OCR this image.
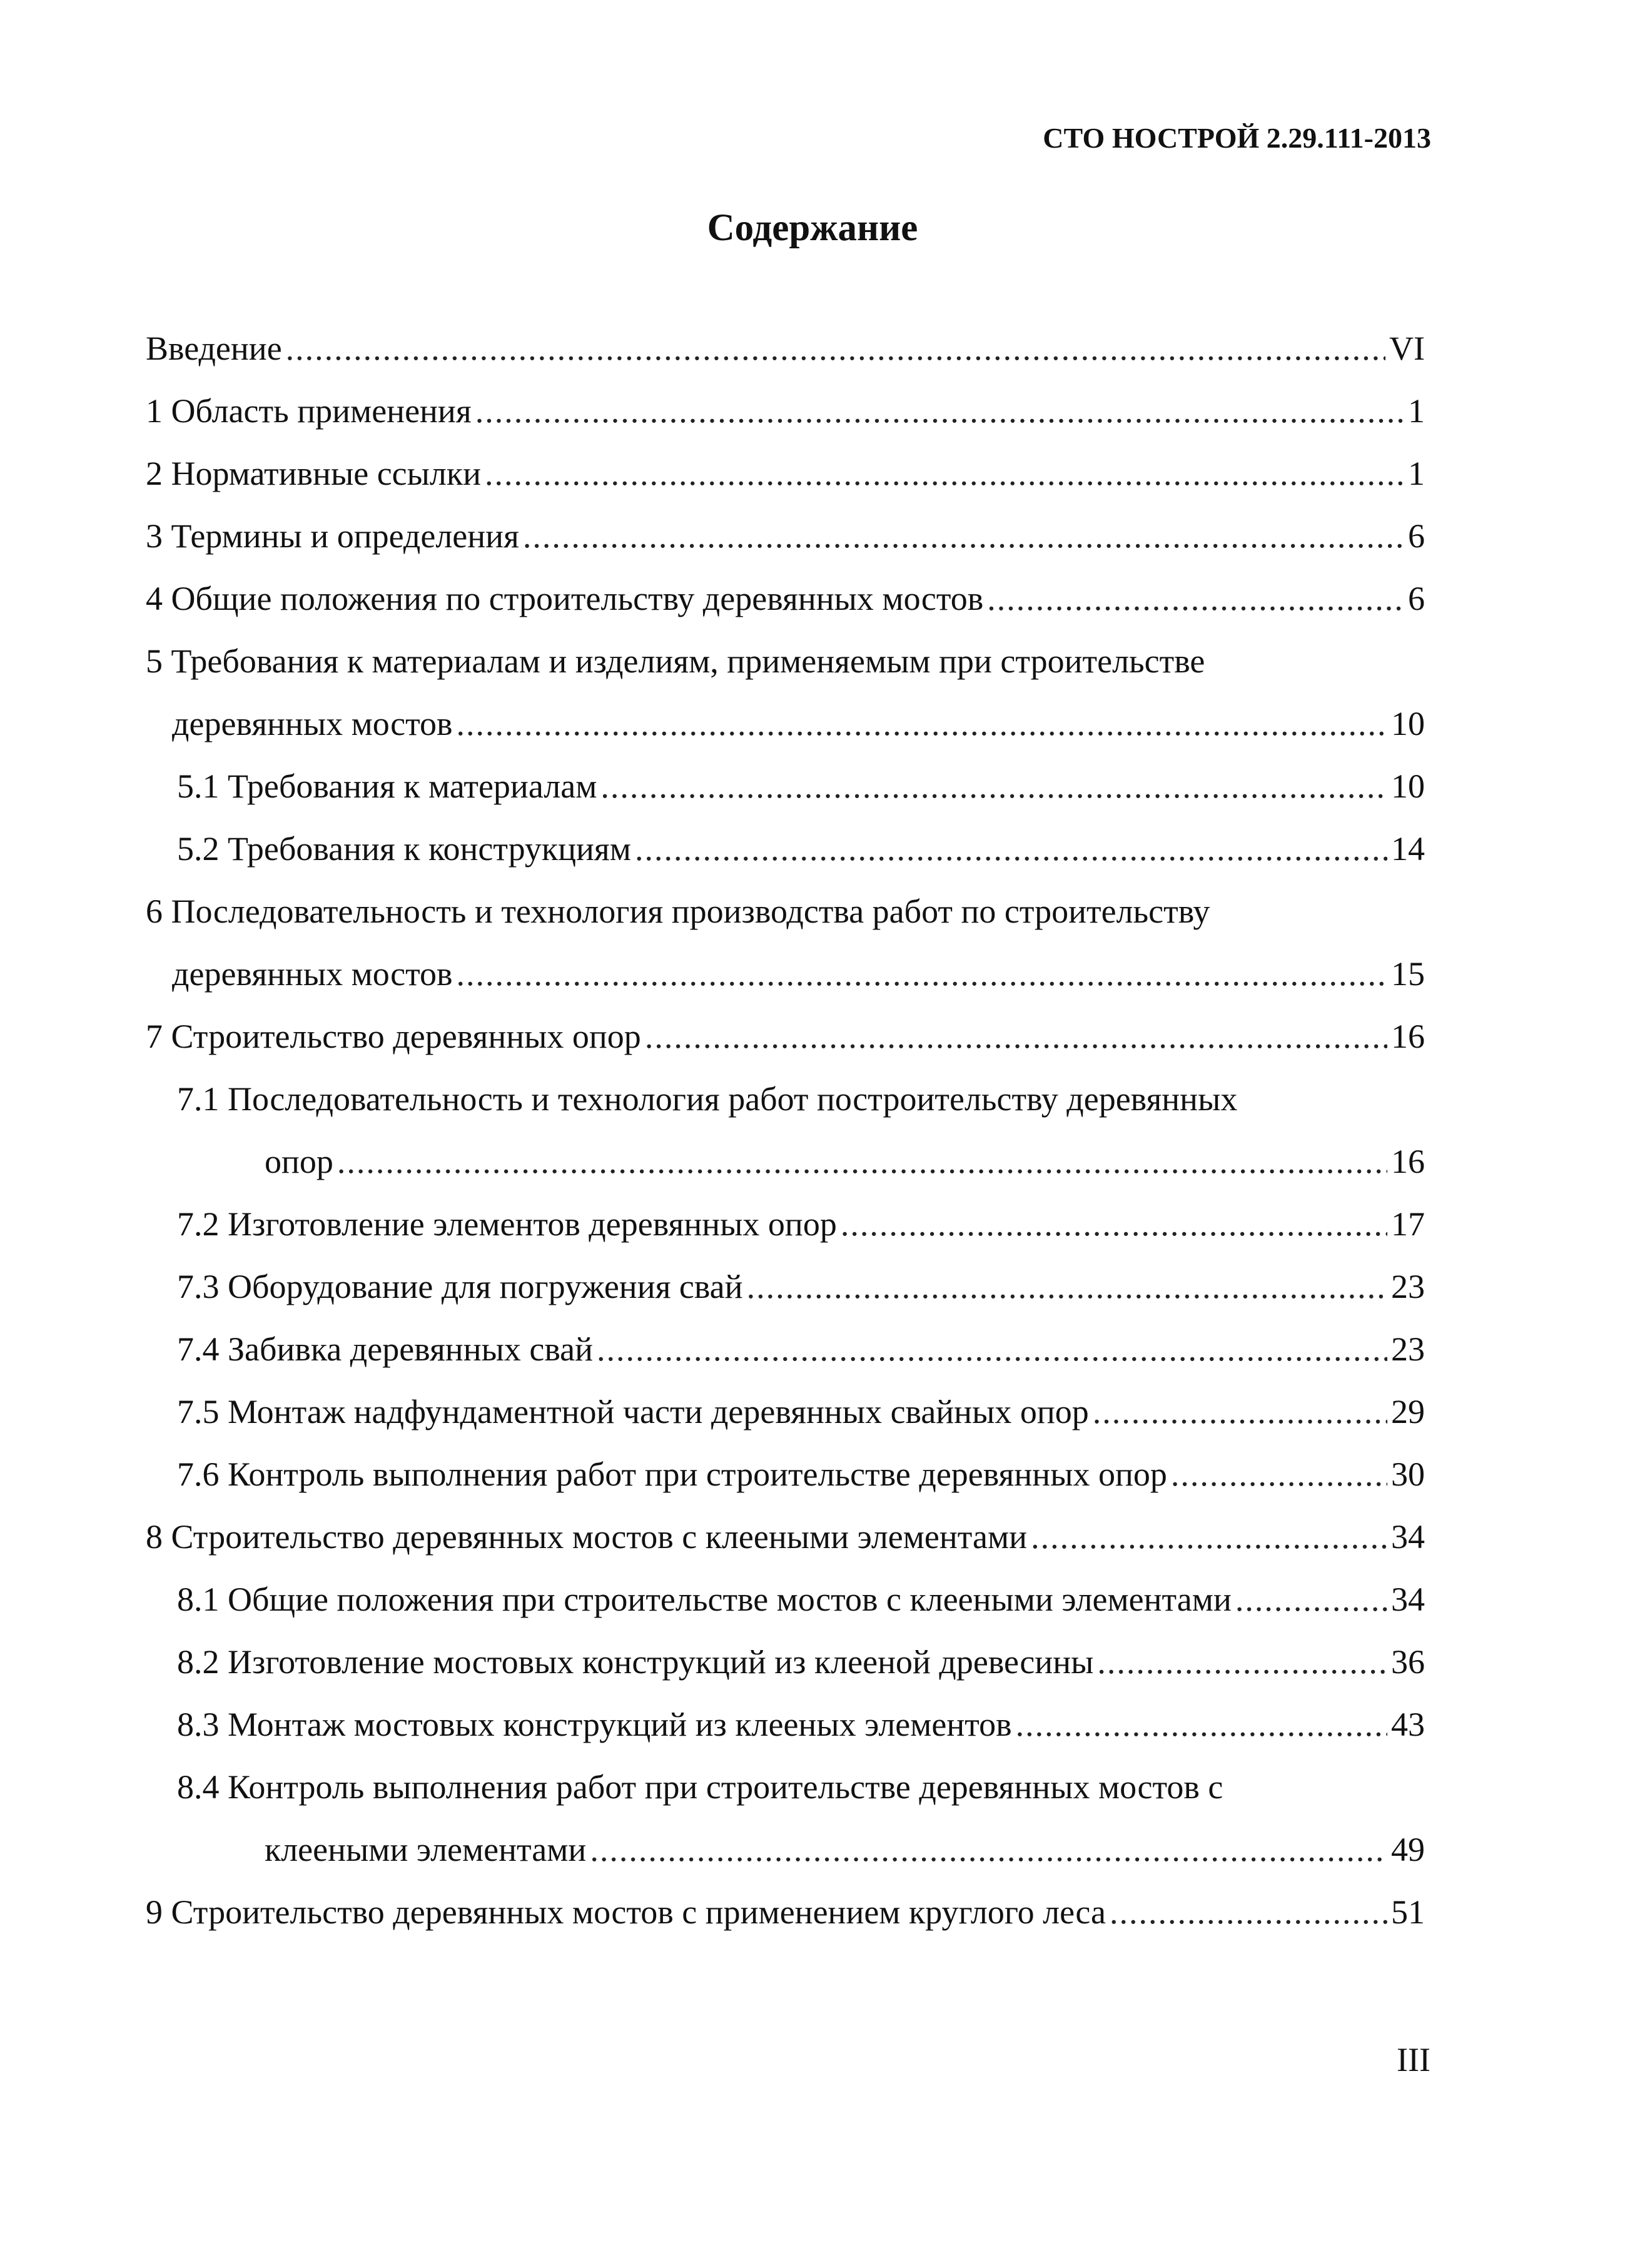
СТО НОСТРОЙ 2.29.111-2013
Содержание
Введение .....	VI
1 Область применения .....	1
2 Нормативные ссылки .....	1
3 Термины и определения .....	6
4 Общие положения по строительству деревянных мостов .....	6
5 Требования к материалам и изделиям, применяемым при строительстве
деревянных мостов .....	10
5.1 Требования к материалам .....	10
5.2 Требования к конструкциям .....	14
6 Последовательность и технология производства работ по строительству
деревянных мостов .....	15
7 Строительство деревянных опор .....	16
7.1 Последовательность и технология работ построительству деревянных
опор .....	16
7.2 Изготовление элементов деревянных опор .....	17
7.3 Оборудование для погружения свай .....	23
7.4 Забивка деревянных свай .....	23
7.5 Монтаж надфундаментной части деревянных свайных опор .....	29
7.6 Контроль выполнения работ при строительстве деревянных опор .....	30
8 Строительство деревянных мостов с клееными элементами .....	34
8.1 Общие положения при строительстве мостов с клееными элементами .....	34
8.2 Изготовление мостовых конструкций из клееной древесины .....	36
8.3 Монтаж мостовых конструкций из клееных элементов .....	43
8.4 Контроль выполнения работ при строительстве деревянных мостов с
клееными элементами .....	49
9 Строительство деревянных мостов с применением круглого леса .....	51
III
